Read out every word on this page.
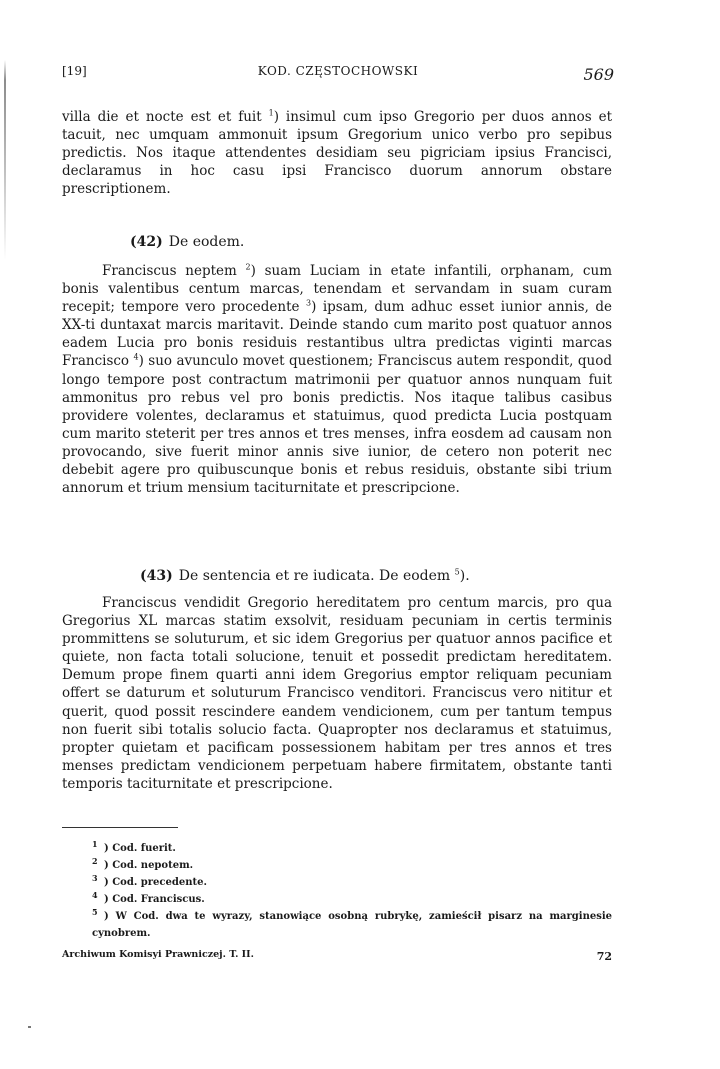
[19]	KOD. CZĘSTOCHOWSKI	569

villa die et nocte est et fuit $^1$) insimul cum ipso Gregorio per duos annos et tacuit, nec umquam ammonuit ipsum Gregorium unico verbo pro sepibus predictis. Nos itaque attendentes desidiam seu pigriciam ipsius Francisci, declaramus in hoc casu ipsi Francisco duorum annorum obstare prescriptionem.

(42) De eodem.

Franciscus neptem $^2$) suam Luciam in etate infantili, orphanam, cum bonis valentibus centum marcas, tenendam et servandam in suam curam recepit; tempore vero procedente $^3$) ipsam, dum adhuc esset iunior annis, de XX-ti duntaxat marcis maritavit. Deinde stando cum marito post quatuor annos eadem Lucia pro bonis residuis restantibus ultra predictas viginti marcas Francisco $^4$) suo avunculo movet questionem; Franciscus autem respondit, quod longo tempore post contractum matrimonii per quatuor annos nunquam fuit ammonitus pro rebus vel pro bonis predictis. Nos itaque talibus casibus providere volentes, declaramus et statuimus, quod predicta Lucia postquam cum marito steterit per tres annos et tres menses, infra eosdem ad causam non provocando, sive fuerit minor annis sive iunior, de cetero non poterit nec debebit agere pro quibuscunque bonis et rebus residuis, obstante sibi trium annorum et trium mensium taciturnitate et prescripcione.

(43) De sentencia et re iudicata. De eodem $^5$).

Franciscus vendidit Gregorio hereditatem pro centum marcis, pro qua Gregorius XL marcas statim exsolvit, residuam pecuniam in certis terminis prommittens se soluturum, et sic idem Gregorius per quatuor annos pacifice et quiete, non facta totali solucione, tenuit et possedit predictam hereditatem. Demum prope finem quarti anni idem Gregorius emptor reliquam pecuniam offert se daturum et soluturum Francisco venditori. Franciscus vero nititur et querit, quod possit rescindere eandem vendicionem, cum per tantum tempus non fuerit sibi totalis solucio facta. Quapropter nos declaramus et statuimus, propter quietam et pacificam possessionem habitam per tres annos et tres menses predictam vendicionem perpetuam habere firmitatem, obstante tanti temporis taciturnitate et prescripcione.

1 ) Cod. fuerit.

2 ) Cod. nepotem.

3 ) Cod. precedente.

4 ) Cod. Franciscus.

5 ) W Cod. dwa te wyrazy, stanowiące osobną rubrykę, zamieścił pisarz na marginesie cynobrem.

Archiwum Komisyi Prawniczej. T. II.	72
